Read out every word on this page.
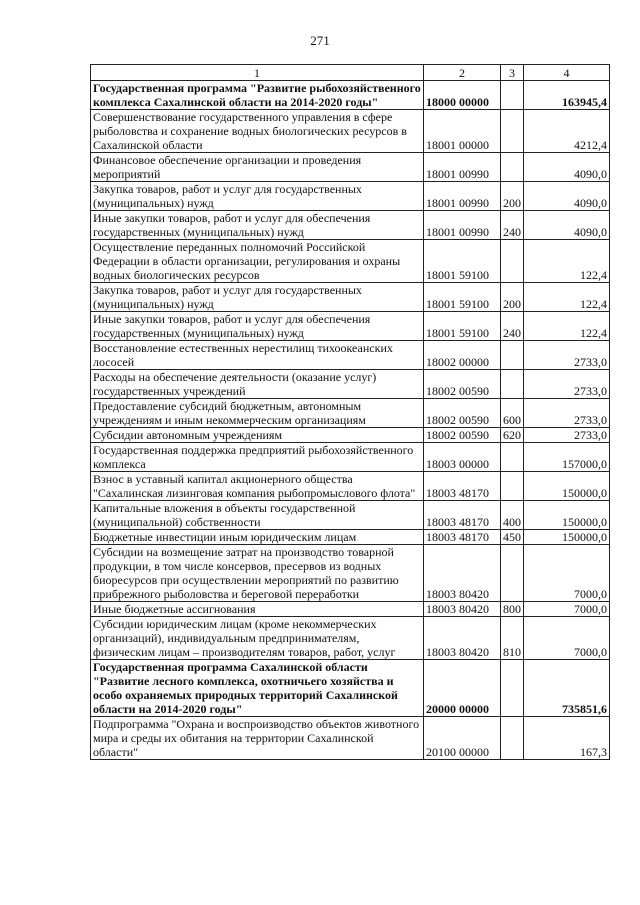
271
1	2	3	4
Государственная программа "Развитие рыбохозяйственного комплекса Сахалинской области на 2014-2020 годы"	18000 00000		163945,4
Совершенствование государственного управления в сфере рыболовства и сохранение водных биологических ресурсов в Сахалинской области	18001 00000		4212,4
Финансовое обеспечение организации и проведения мероприятий	18001 00990		4090,0
Закупка товаров, работ и услуг для государственных (муниципальных) нужд	18001 00990	200	4090,0
Иные закупки товаров, работ и услуг для обеспечения государственных (муниципальных) нужд	18001 00990	240	4090,0
Осуществление переданных полномочий Российской Федерации в области организации, регулирования и охраны водных биологических ресурсов	18001 59100		122,4
Закупка товаров, работ и услуг для государственных (муниципальных) нужд	18001 59100	200	122,4
Иные закупки товаров, работ и услуг для обеспечения государственных (муниципальных) нужд	18001 59100	240	122,4
Восстановление естественных нерестилищ тихоокеанских лососей	18002 00000		2733,0
Расходы на обеспечение деятельности (оказание услуг) государственных учреждений	18002 00590		2733,0
Предоставление субсидий бюджетным, автономным учреждениям и иным некоммерческим организациям	18002 00590	600	2733,0
Субсидии автономным учреждениям	18002 00590	620	2733,0
Государственная поддержка предприятий рыбохозяйственного комплекса	18003 00000		157000,0
Взнос в уставный капитал акционерного общества "Сахалинская лизинговая компания рыбопромыслового флота"	18003 48170		150000,0
Капитальные вложения в объекты государственной (муниципальной) собственности	18003 48170	400	150000,0
Бюджетные инвестиции иным юридическим лицам	18003 48170	450	150000,0
Субсидии на возмещение затрат на производство товарной продукции, в том числе консервов, пресервов из водных биоресурсов при осуществлении мероприятий по развитию прибрежного рыболовства и береговой переработки	18003 80420		7000,0
Иные бюджетные ассигнования	18003 80420	800	7000,0
Субсидии юридическим лицам (кроме некоммерческих организаций), индивидуальным предпринимателям, физическим лицам – производителям товаров, работ, услуг	18003 80420	810	7000,0
Государственная программа Сахалинской области "Развитие лесного комплекса, охотничьего хозяйства и особо охраняемых природных территорий Сахалинской области на 2014-2020 годы"	20000 00000		735851,6
Подпрограмма "Охрана и воспроизводство объектов животного мира и среды их обитания на территории Сахалинской области"	20100 00000		167,3
